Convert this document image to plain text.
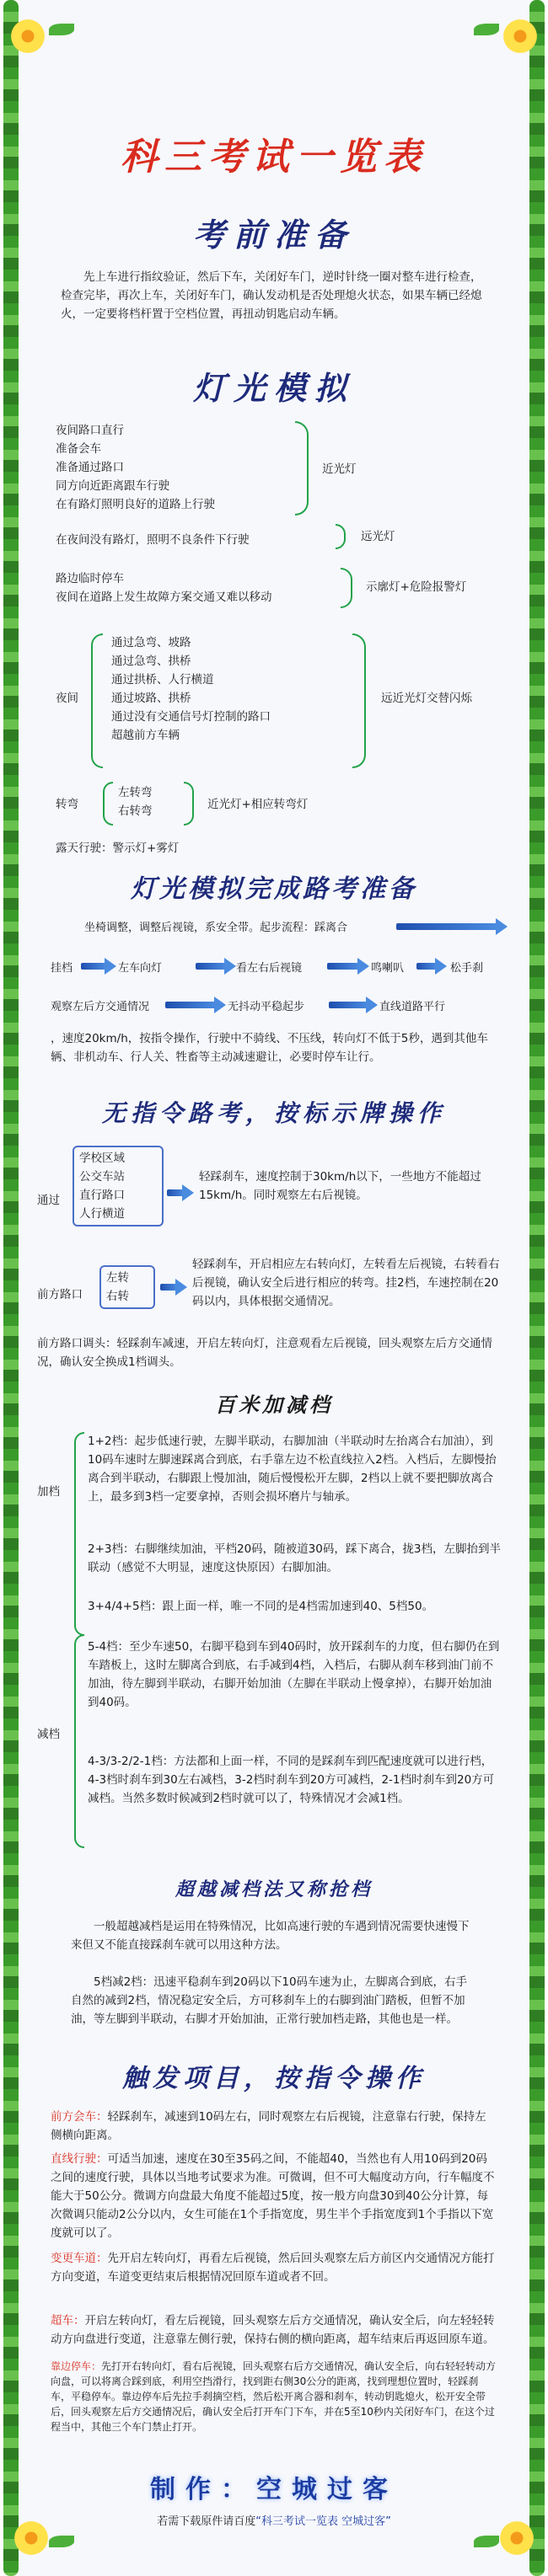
科三考试一览表
考前准备
先上车进行指纹验证，然后下车，关闭好车门，逆时针绕一圈对整车进行检查，检查完毕，再次上车，关闭好车门，确认发动机是否处理熄火状态，如果车辆已经熄火，一定要将档杆置于空档位置，再扭动钥匙启动车辆。
灯光模拟
夜间路口直行
准备会车
准备通过路口
同方向近距离跟车行驶
在有路灯照明良好的道路上行驶
近光灯
在夜间没有路灯，照明不良条件下行驶	远光灯
路边临时停车
夜间在道路上发生故障方案交通又难以移动
示廓灯+危险报警灯
夜间
通过急弯、坡路
通过急弯、拱桥
通过拱桥、人行横道
通过坡路、拱桥
通过没有交通信号灯控制的路口
超越前方车辆
远近光灯交替闪烁
转弯
左转弯
右转弯	近光灯+相应转弯灯
露天行驶：警示灯+雾灯
灯光模拟完成路考准备
坐椅调整，调整后视镜，系安全带。起步流程：踩离合
挂档	左车向灯	看左右后视镜	鸣喇叭	松手刹
观察左后方交通情况	无抖动平稳起步	直线道路平行
，速度20km/h，按指令操作，行驶中不骑线、不压线，转向灯不低于5秒，遇到其他车辆、非机动车、行人关、牲畜等主动减速避让，必要时停车让行。
无指令路考，按标示牌操作
通过
学校区域
公交车站
直行路口
人行横道
轻踩刹车，速度控制于30km/h以下，一些地方不能超过15km/h。同时观察左右后视镜。
前方路口
左转
右转
轻踩刹车，开启相应左右转向灯，左转看左后视镜，右转看右后视镜，确认安全后进行相应的转弯。挂2档，车速控制在20码以内，具体根据交通情况。
前方路口调头：轻踩刹车减速，开启左转向灯，注意观看左后视镜，回头观察左后方交通情况，确认安全换成1档调头。
百米加减档
加档
1+2档：起步低速行驶，左脚半联动，右脚加油（半联动时左抬离合右加油），到10码车速时左脚速踩离合到底，右手靠左边不松直线拉入2档。入档后，左脚慢抬离合到半联动，右脚跟上慢加油，随后慢慢松开左脚，2档以上就不要把脚放离合上，最多到3档一定要拿掉，否则会损坏磨片与轴承。
2+3档：右脚继续加油，平档20码，随被道30码，踩下离合，拢3档，左脚抬到半联动（感觉不大明显，速度这快原因）右脚加油。
3+4/4+5档：跟上面一样，唯一不同的是4档需加速到40、5档50。
减档
5-4档：至少车速50，右脚平稳到车到40码时，放开踩刹车的力度，但右脚仍在到车踏板上，这时左脚离合到底，右手减到4档，入档后，右脚从刹车移到油门前不加油，待左脚到半联动，右脚开始加油（左脚在半联动上慢拿掉），右脚开始加油到40码。
4-3/3-2/2-1档：方法都和上面一样，不同的是踩刹车到匹配速度就可以进行档，4-3档时刹车到30左右减档，3-2档时刹车到20方可减档，2-1档时刹车到20方可减档。当然多数时候减到2档时就可以了，特殊情况才会减1档。
超越减档法又称抢档
一般超越减档是运用在特殊情况，比如高速行驶的车遇到情况需要快速慢下来但又不能直接踩刹车就可以用这种方法。
5档减2档：迅速平稳刹车到20码以下10码车速为止，左脚离合到底，右手自然的减到2档，情况稳定安全后，方可移刹车上的右脚到油门踏板，但暂不加油，等左脚到半联动，右脚才开始加油，正常行驶加档走路，其他也是一样。
触发项目，按指令操作
前方会车：轻踩刹车，减速到10码左右，同时观察左右后视镜，注意靠右行驶，保持左侧横向距离。
直线行驶：可适当加速，速度在30至35码之间，不能超40，当然也有人用10码到20码之间的速度行驶，具体以当地考试要求为准。可微调，但不可大幅度动方向，行车幅度不能大于50公分。微调方向盘最大角度不能超过5度，按一般方向盘30到40公分计算，每次微调只能动2公分以内，女生可能在1个手指宽度，男生半个手指宽度到1个手指以下宽度就可以了。
变更车道：先开启左转向灯，再看左后视镜，然后回头观察左后方前区内交通情况方能打方向变道，车道变更结束后根据情况回原车道或者不回。
超车：开启左转向灯，看左后视镜，回头观察左后方交通情况，确认安全后，向左轻轻转动方向盘进行变道，注意靠左侧行驶，保持右侧的横向距离，超车结束后再返回原车道。
靠边停车：先打开右转向灯，看右后视镜，回头观察右后方交通情况，确认安全后，向右轻轻转动方向盘，可以将离合踩到底，利用空挡滑行，找到距右侧30公分的距离，找到理想位置时，轻踩刹车，平稳停车。靠边停车后先拉手刹摘空档，然后松开离合器和刹车，转动钥匙熄火，松开安全带后，回头观察左后方交通情况后，确认安全后打开车门下车，并在5至10秒内关闭好车门，在这个过程当中，其他三个车门禁止打开。
制作：空城过客
若需下载原件请百度“科三考试一览表 空城过客”
